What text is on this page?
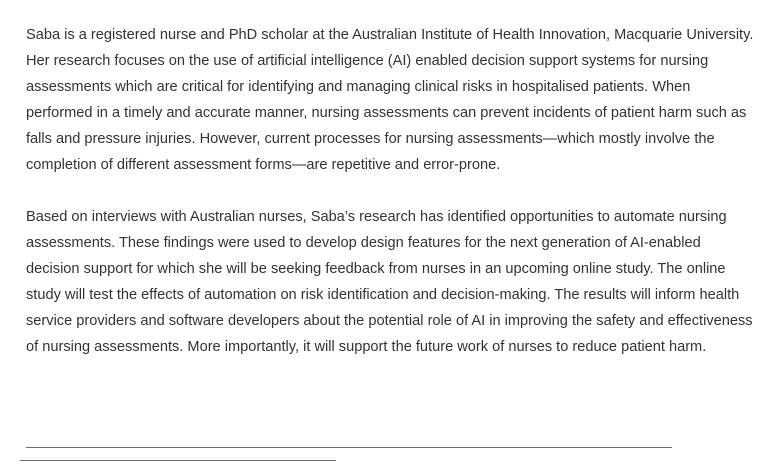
Saba is a registered nurse and PhD scholar at the Australian Institute of Health Innovation, Macquarie University. Her research focuses on the use of artificial intelligence (AI) enabled decision support systems for nursing assessments which are critical for identifying and managing clinical risks in hospitalised patients. When performed in a timely and accurate manner, nursing assessments can prevent incidents of patient harm such as falls and pressure injuries. However, current processes for nursing assessments—which mostly involve the completion of different assessment forms—are repetitive and error-prone.

Based on interviews with Australian nurses, Saba’s research has identified opportunities to automate nursing assessments. These findings were used to develop design features for the next generation of AI-enabled decision support for which she will be seeking feedback from nurses in an upcoming online study. The online study will test the effects of automation on risk identification and decision-making. The results will inform health service providers and software developers about the potential role of AI in improving the safety and effectiveness of nursing assessments. More importantly, it will support the future work of nurses to reduce patient harm.
